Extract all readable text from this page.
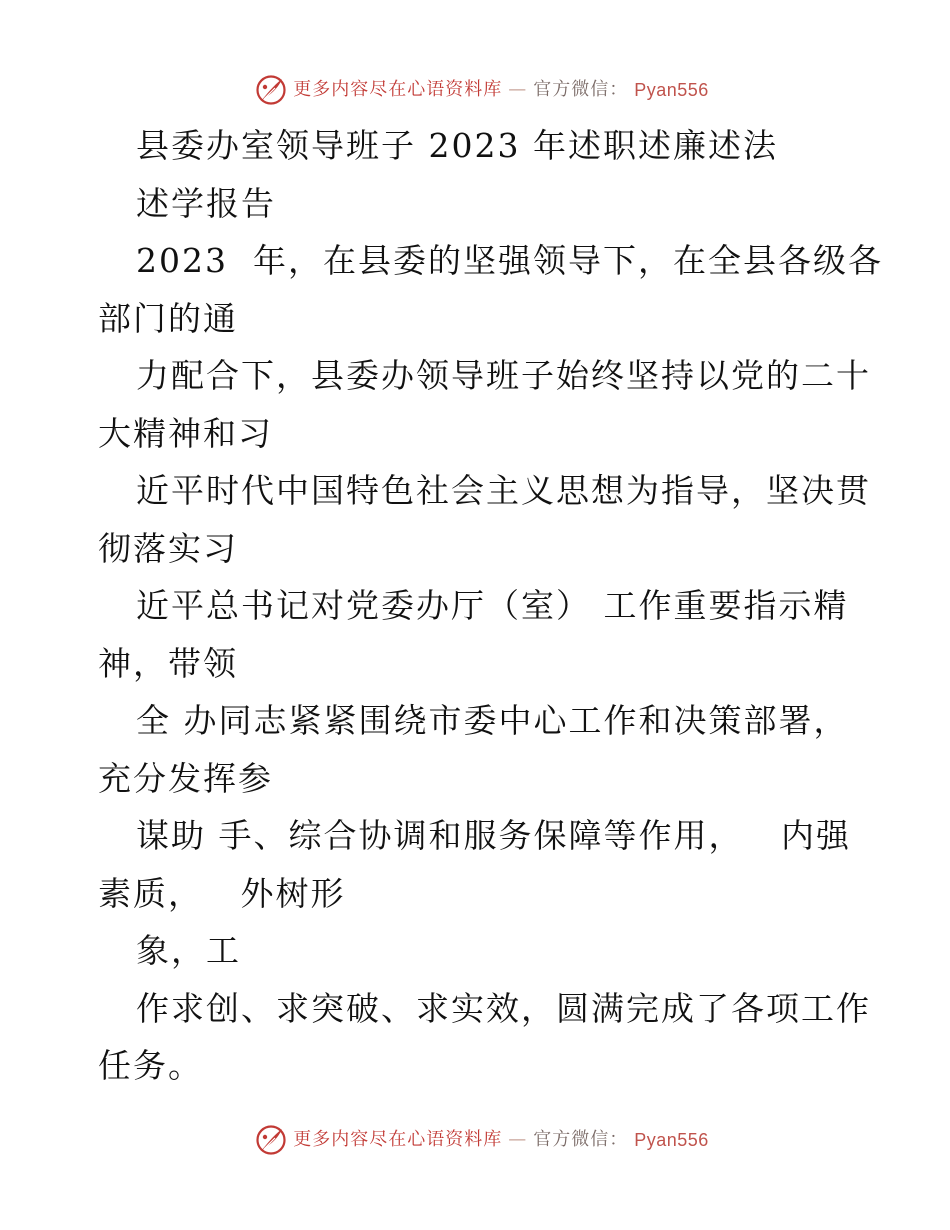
更多内容尽在心语资料库 — 官方微信： Pyan556
县委办室领导班子 2023 年述职述廉述法
述学报告
2023  年，在县委的坚强领导下，在全县各级各
部门的通
力配合下，县委办领导班子始终坚持以党的二十
大精神和习
近平时代中国特色社会主义思想为指导，坚决贯
彻落实习
近平总书记对党委办厅（室） 工作重要指示精
神，带领
全 办同志紧紧围绕市委中心工作和决策部署，
充分发挥参
谋助 手、综合协调和服务保障等作用，   内强
素质，   外树形
象，工
作求创、求突破、求实效，圆满完成了各项工作
任务。
更多内容尽在心语资料库 — 官方微信： Pyan556
